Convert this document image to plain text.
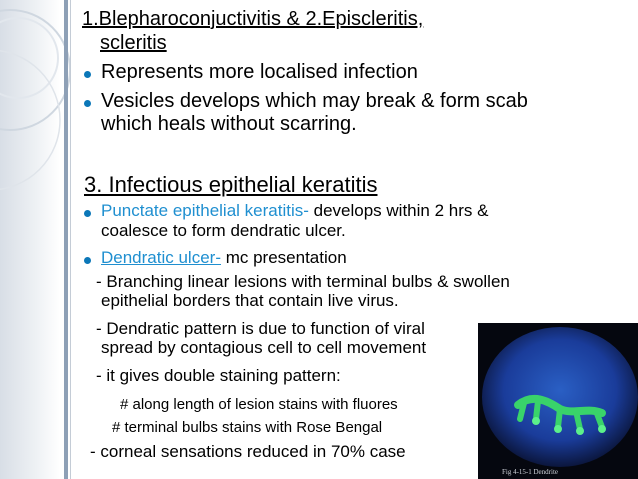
1.Blepharoconjuctivitis & 2.Episcleritis,
scleritis
Represents more localised infection
Vesicles develops which may break & form scab
which heals without scarring.
3. Infectious epithelial keratitis
Punctate epithelial keratitis- develops within 2 hrs &
coalesce to form dendratic ulcer.
Dendratic ulcer- mc presentation
- Branching linear lesions with terminal bulbs & swollen
epithelial borders that contain live virus.
- Dendratic pattern is due to function of viral
spread by contagious cell to cell movement
- it gives double staining pattern:
# along length of lesion stains with fluores
# terminal bulbs stains with Rose Bengal
- corneal sensations reduced in 70% case
Fig 4-15-1 Dendrite
